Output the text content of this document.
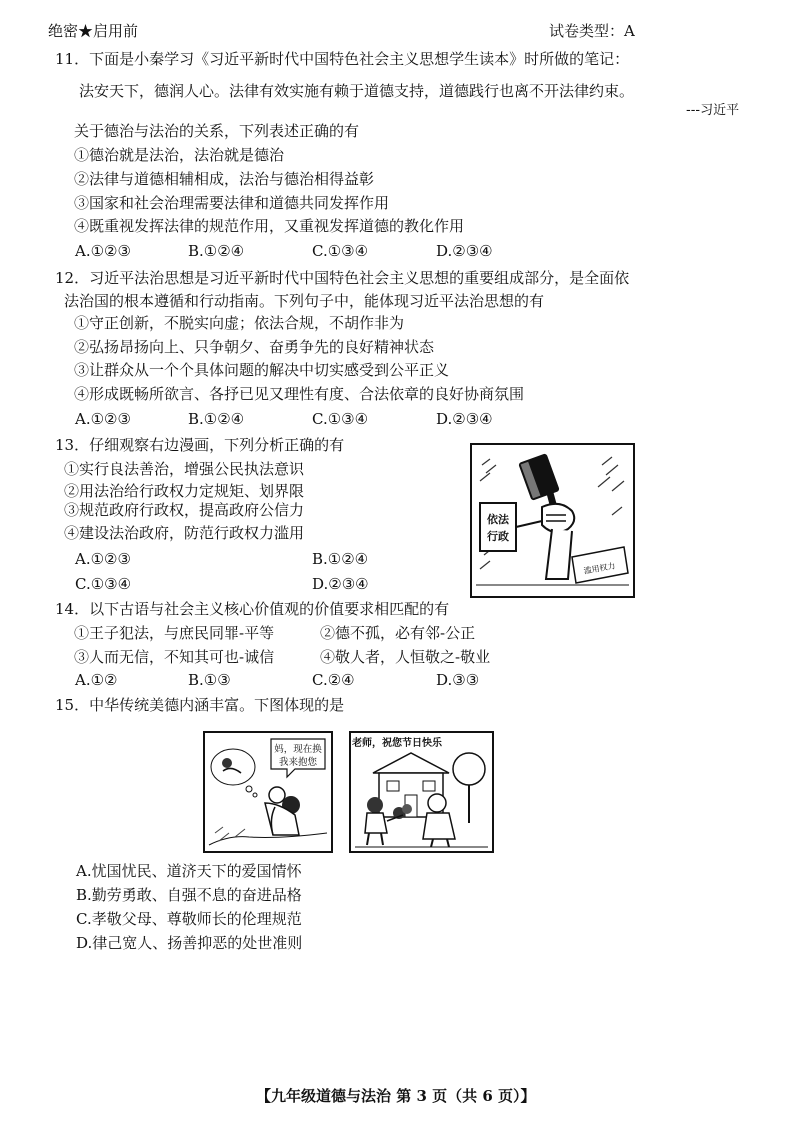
绝密★启用前	试卷类型：A
11．下面是小秦学习《习近平新时代中国特色社会主义思想学生读本》时所做的笔记：
法安天下，德润人心。法律有效实施有赖于道德支持，道德践行也离不开法律约束。
---习近平
关于德治与法治的关系，下列表述正确的有
①德治就是法治，法治就是德治
②法律与道德相辅相成，法治与德治相得益彰
③国家和社会治理需要法律和道德共同发挥作用
④既重视发挥法律的规范作用，又重视发挥道德的教化作用
A.①②③	B.①②④	C.①③④	D.②③④
12．习近平法治思想是习近平新时代中国特色社会主义思想的重要组成部分，是全面依
法治国的根本遵循和行动指南。下列句子中，能体现习近平法治思想的有
①守正创新，不脱实向虚；依法合规，不胡作非为
②弘扬昂扬向上、只争朝夕、奋勇争先的良好精神状态
③让群众从一个个具体问题的解决中切实感受到公平正义
④形成既畅所欲言、各抒已见又理性有度、合法依章的良好协商氛围
A.①②③	B.①②④	C.①③④	D.②③④
13．仔细观察右边漫画，下列分析正确的有
①实行良法善治，增强公民执法意识
②用法治给行政权力定规矩、划界限
③规范政府行政权，提高政府公信力
④建设法治政府，防范行政权力滥用
A.①②③	B.①②④
C.①③④	D.②③④
依法
行政
滥用权力
14．以下古语与社会主义核心价值观的价值要求相匹配的有
①王子犯法，与庶民同罪-平等	②德不孤，必有邻-公正
③人而无信，不知其可也-诚信	④敬人者，人恒敬之-敬业
A.①②	B.①③	C.②④	D.③③
15．中华传统美德内涵丰富。下图体现的是
妈，现在换
我来抱您
老师，祝您节日快乐
A.忧国忧民、道济天下的爱国情怀
B.勤劳勇敢、自强不息的奋进品格
C.孝敬父母、尊敬师长的伦理规范
D.律己宽人、扬善抑恶的处世准则
【九年级道德与法治 第 3 页（共 6 页）】
